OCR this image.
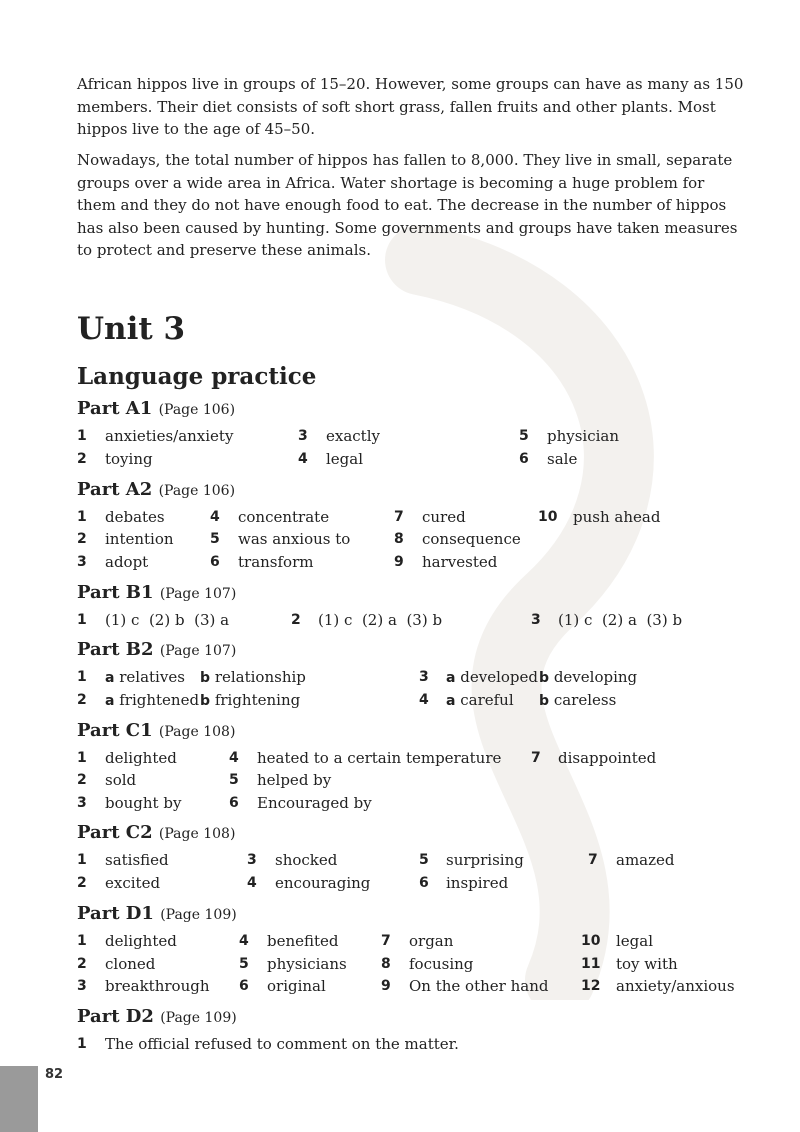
African hippos live in groups of 15–20. However, some groups can have as many as 150 members. Their diet consists of soft short grass, fallen fruits and other plants. Most hippos live to the age of 45–50.

Nowadays, the total number of hippos has fallen to 8,000. They live in small, separate groups over a wide area in Africa. Water shortage is becoming a huge problem for them and they do not have enough food to eat. The decrease in the number of hippos has also been caused by hunting. Some governments and groups have taken measures to protect and preserve these animals.

Unit 3
Language practice
Part A1 (Page 106)
1 anxieties/anxiety
2 toying
3 exactly
4 legal
5 physician
6 sale
Part A2 (Page 106)
1 debates
2 intention
3 adopt
4 concentrate
5 was anxious to
6 transform
7 cured
8 consequence
9 harvested
10 push ahead
Part B1 (Page 107)
1 (1) c  (2) b  (3) a	2 (1) c  (2) a  (3) b	3 (1) c  (2) a  (3) b
Part B2 (Page 107)
1 a relatives b relationship
2 a frightened b frightening
3 a developed b developing
4 a careful b careless
Part C1 (Page 108)
1 delighted
2 sold
3 bought by
4 heated to a certain temperature
5 helped by
6 Encouraged by
7 disappointed
Part C2 (Page 108)
1 satisfied
2 excited
3 shocked
4 encouraging
5 surprising
6 inspired
7 amazed
Part D1 (Page 109)
1 delighted
2 cloned
3 breakthrough
4 benefited
5 physicians
6 original
7 organ
8 focusing
9 On the other hand
10 legal
11 toy with
12 anxiety/anxious
Part D2 (Page 109)
1 The official refused to comment on the matter.
82
